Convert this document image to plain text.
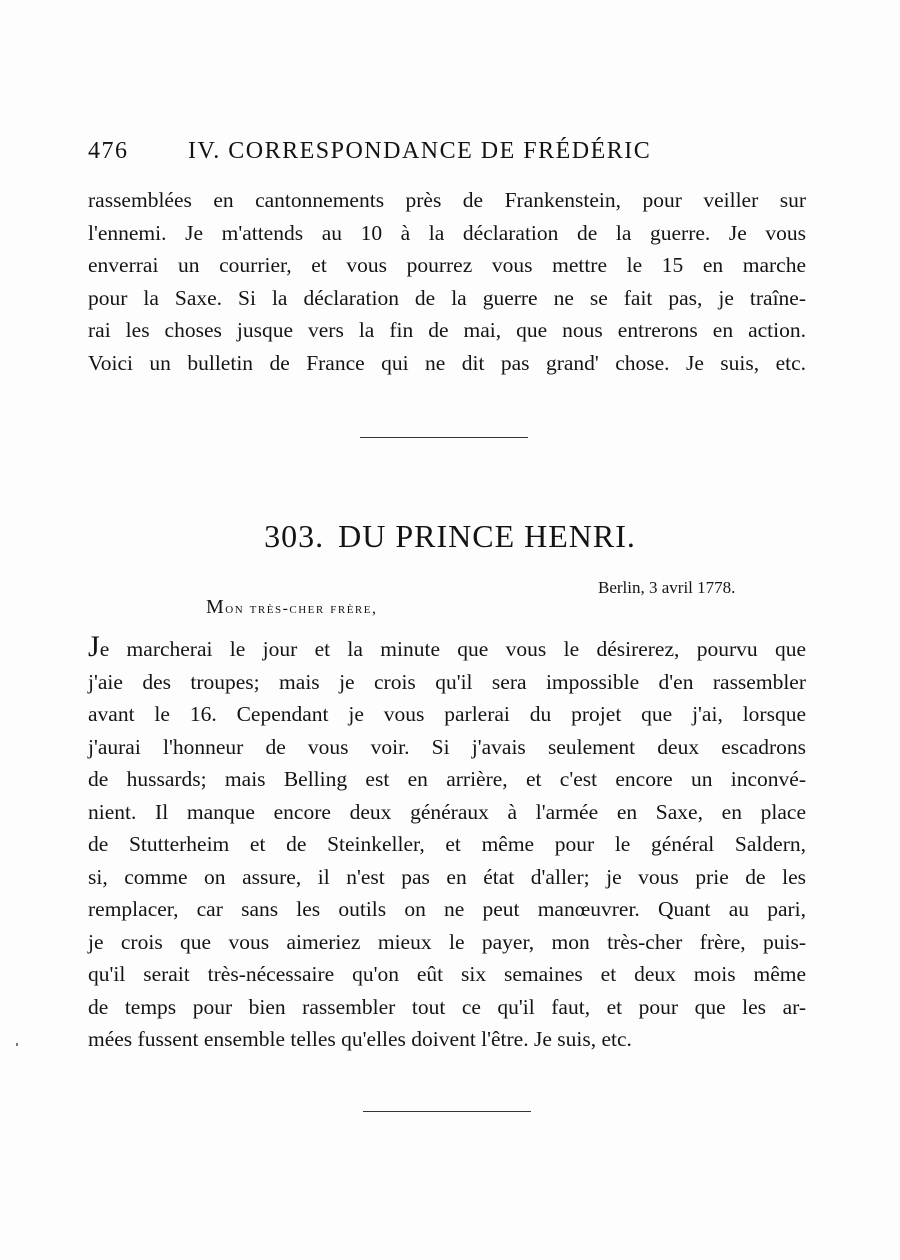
476 IV. CORRESPONDANCE DE FRÉDÉRIC
rassemblées en cantonnements près de Frankenstein, pour veiller sur
l'ennemi. Je m'attends au 10 à la déclaration de la guerre. Je vous
enverrai un courrier, et vous pourrez vous mettre le 15 en marche
pour la Saxe. Si la déclaration de la guerre ne se fait pas, je traîne-
rai les choses jusque vers la fin de mai, que nous entrerons en action.
Voici un bulletin de France qui ne dit pas grand' chose. Je suis, etc.
303. DU PRINCE HENRI.
Berlin, 3 avril 1778.
Mon très-cher frère,
Je marcherai le jour et la minute que vous le désirerez, pourvu que
j'aie des troupes; mais je crois qu'il sera impossible d'en rassembler
avant le 16. Cependant je vous parlerai du projet que j'ai, lorsque
j'aurai l'honneur de vous voir. Si j'avais seulement deux escadrons
de hussards; mais Belling est en arrière, et c'est encore un inconvé-
nient. Il manque encore deux généraux à l'armée en Saxe, en place
de Stutterheim et de Steinkeller, et même pour le général Saldern,
si, comme on assure, il n'est pas en état d'aller; je vous prie de les
remplacer, car sans les outils on ne peut manœuvrer. Quant au pari,
je crois que vous aimeriez mieux le payer, mon très-cher frère, puis-
qu'il serait très-nécessaire qu'on eût six semaines et deux mois même
de temps pour bien rassembler tout ce qu'il faut, et pour que les ar-
mées fussent ensemble telles qu'elles doivent l'être. Je suis, etc.
